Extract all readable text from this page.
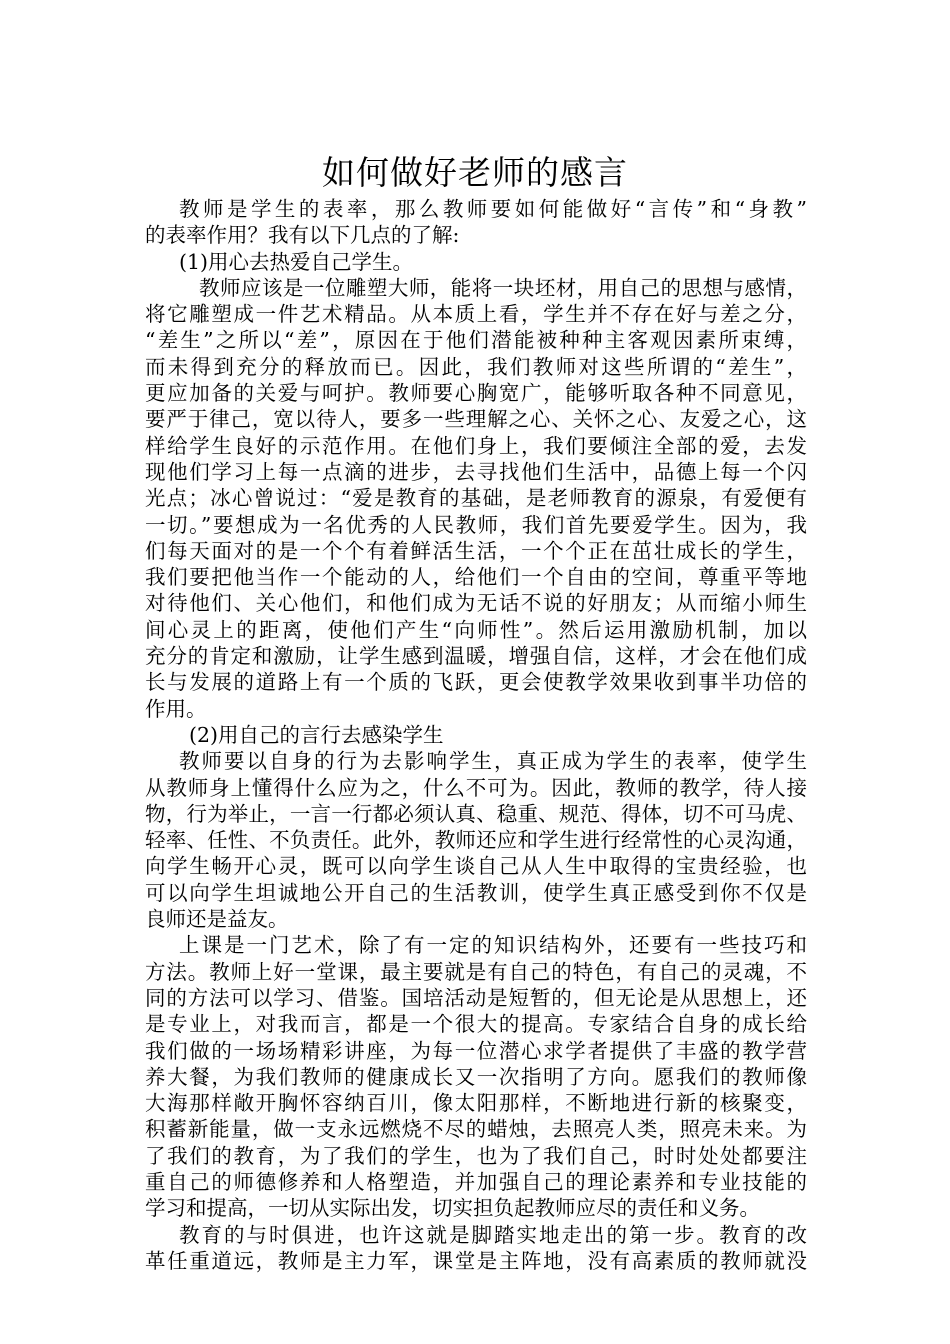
如何做好老师的感言
教师是学生的表率，那么教师要如何能做好“言传”和“身教”
的表率作用？我有以下几点的了解:
(1)用心去热爱自己学生。
教师应该是一位雕塑大师，能将一块坯材，用自己的思想与感情，
将它雕塑成一件艺术精品。从本质上看，学生并不存在好与差之分，
“差生”之所以“差”，原因在于他们潜能被种种主客观因素所束缚，
而未得到充分的释放而已。因此，我们教师对这些所谓的“差生”，
更应加备的关爱与呵护。教师要心胸宽广，能够听取各种不同意见，
要严于律己，宽以待人，要多一些理解之心、关怀之心、友爱之心，这
样给学生良好的示范作用。在他们身上，我们要倾注全部的爱，去发
现他们学习上每一点滴的进步，去寻找他们生活中，品德上每一个闪
光点；冰心曾说过：“爱是教育的基础，是老师教育的源泉，有爱便有
一切。”要想成为一名优秀的人民教师，我们首先要爱学生。因为，我
们每天面对的是一个个有着鲜活生活，一个个正在茁壮成长的学生，
我们要把他当作一个能动的人，给他们一个自由的空间，尊重平等地
对待他们、关心他们，和他们成为无话不说的好朋友；从而缩小师生
间心灵上的距离，使他们产生“向师性”。然后运用激励机制，加以
充分的肯定和激励，让学生感到温暖，增强自信，这样，才会在他们成
长与发展的道路上有一个质的飞跃，更会使教学效果收到事半功倍的
作用。
(2)用自己的言行去感染学生
教师要以自身的行为去影响学生，真正成为学生的表率，使学生
从教师身上懂得什么应为之，什么不可为。因此，教师的教学，待人接
物，行为举止，一言一行都必须认真、稳重、规范、得体，切不可马虎、
轻率、任性、不负责任。此外，教师还应和学生进行经常性的心灵沟通，
向学生畅开心灵，既可以向学生谈自己从人生中取得的宝贵经验，也
可以向学生坦诚地公开自己的生活教训，使学生真正感受到你不仅是
良师还是益友。
上课是一门艺术，除了有一定的知识结构外，还要有一些技巧和
方法。教师上好一堂课，最主要就是有自己的特色，有自己的灵魂，不
同的方法可以学习、借鉴。国培活动是短暂的，但无论是从思想上，还
是专业上，对我而言，都是一个很大的提高。专家结合自身的成长给
我们做的一场场精彩讲座，为每一位潜心求学者提供了丰盛的教学营
养大餐，为我们教师的健康成长又一次指明了方向。愿我们的教师像
大海那样敞开胸怀容纳百川，像太阳那样，不断地进行新的核聚变，
积蓄新能量，做一支永远燃烧不尽的蜡烛，去照亮人类，照亮未来。为
了我们的教育，为了我们的学生，也为了我们自己，时时处处都要注
重自己的师德修养和人格塑造，并加强自己的理论素养和专业技能的
学习和提高，一切从实际出发，切实担负起教师应尽的责任和义务。
教育的与时俱进，也许这就是脚踏实地走出的第一步。教育的改
革任重道远，教师是主力军，课堂是主阵地，没有高素质的教师就没
